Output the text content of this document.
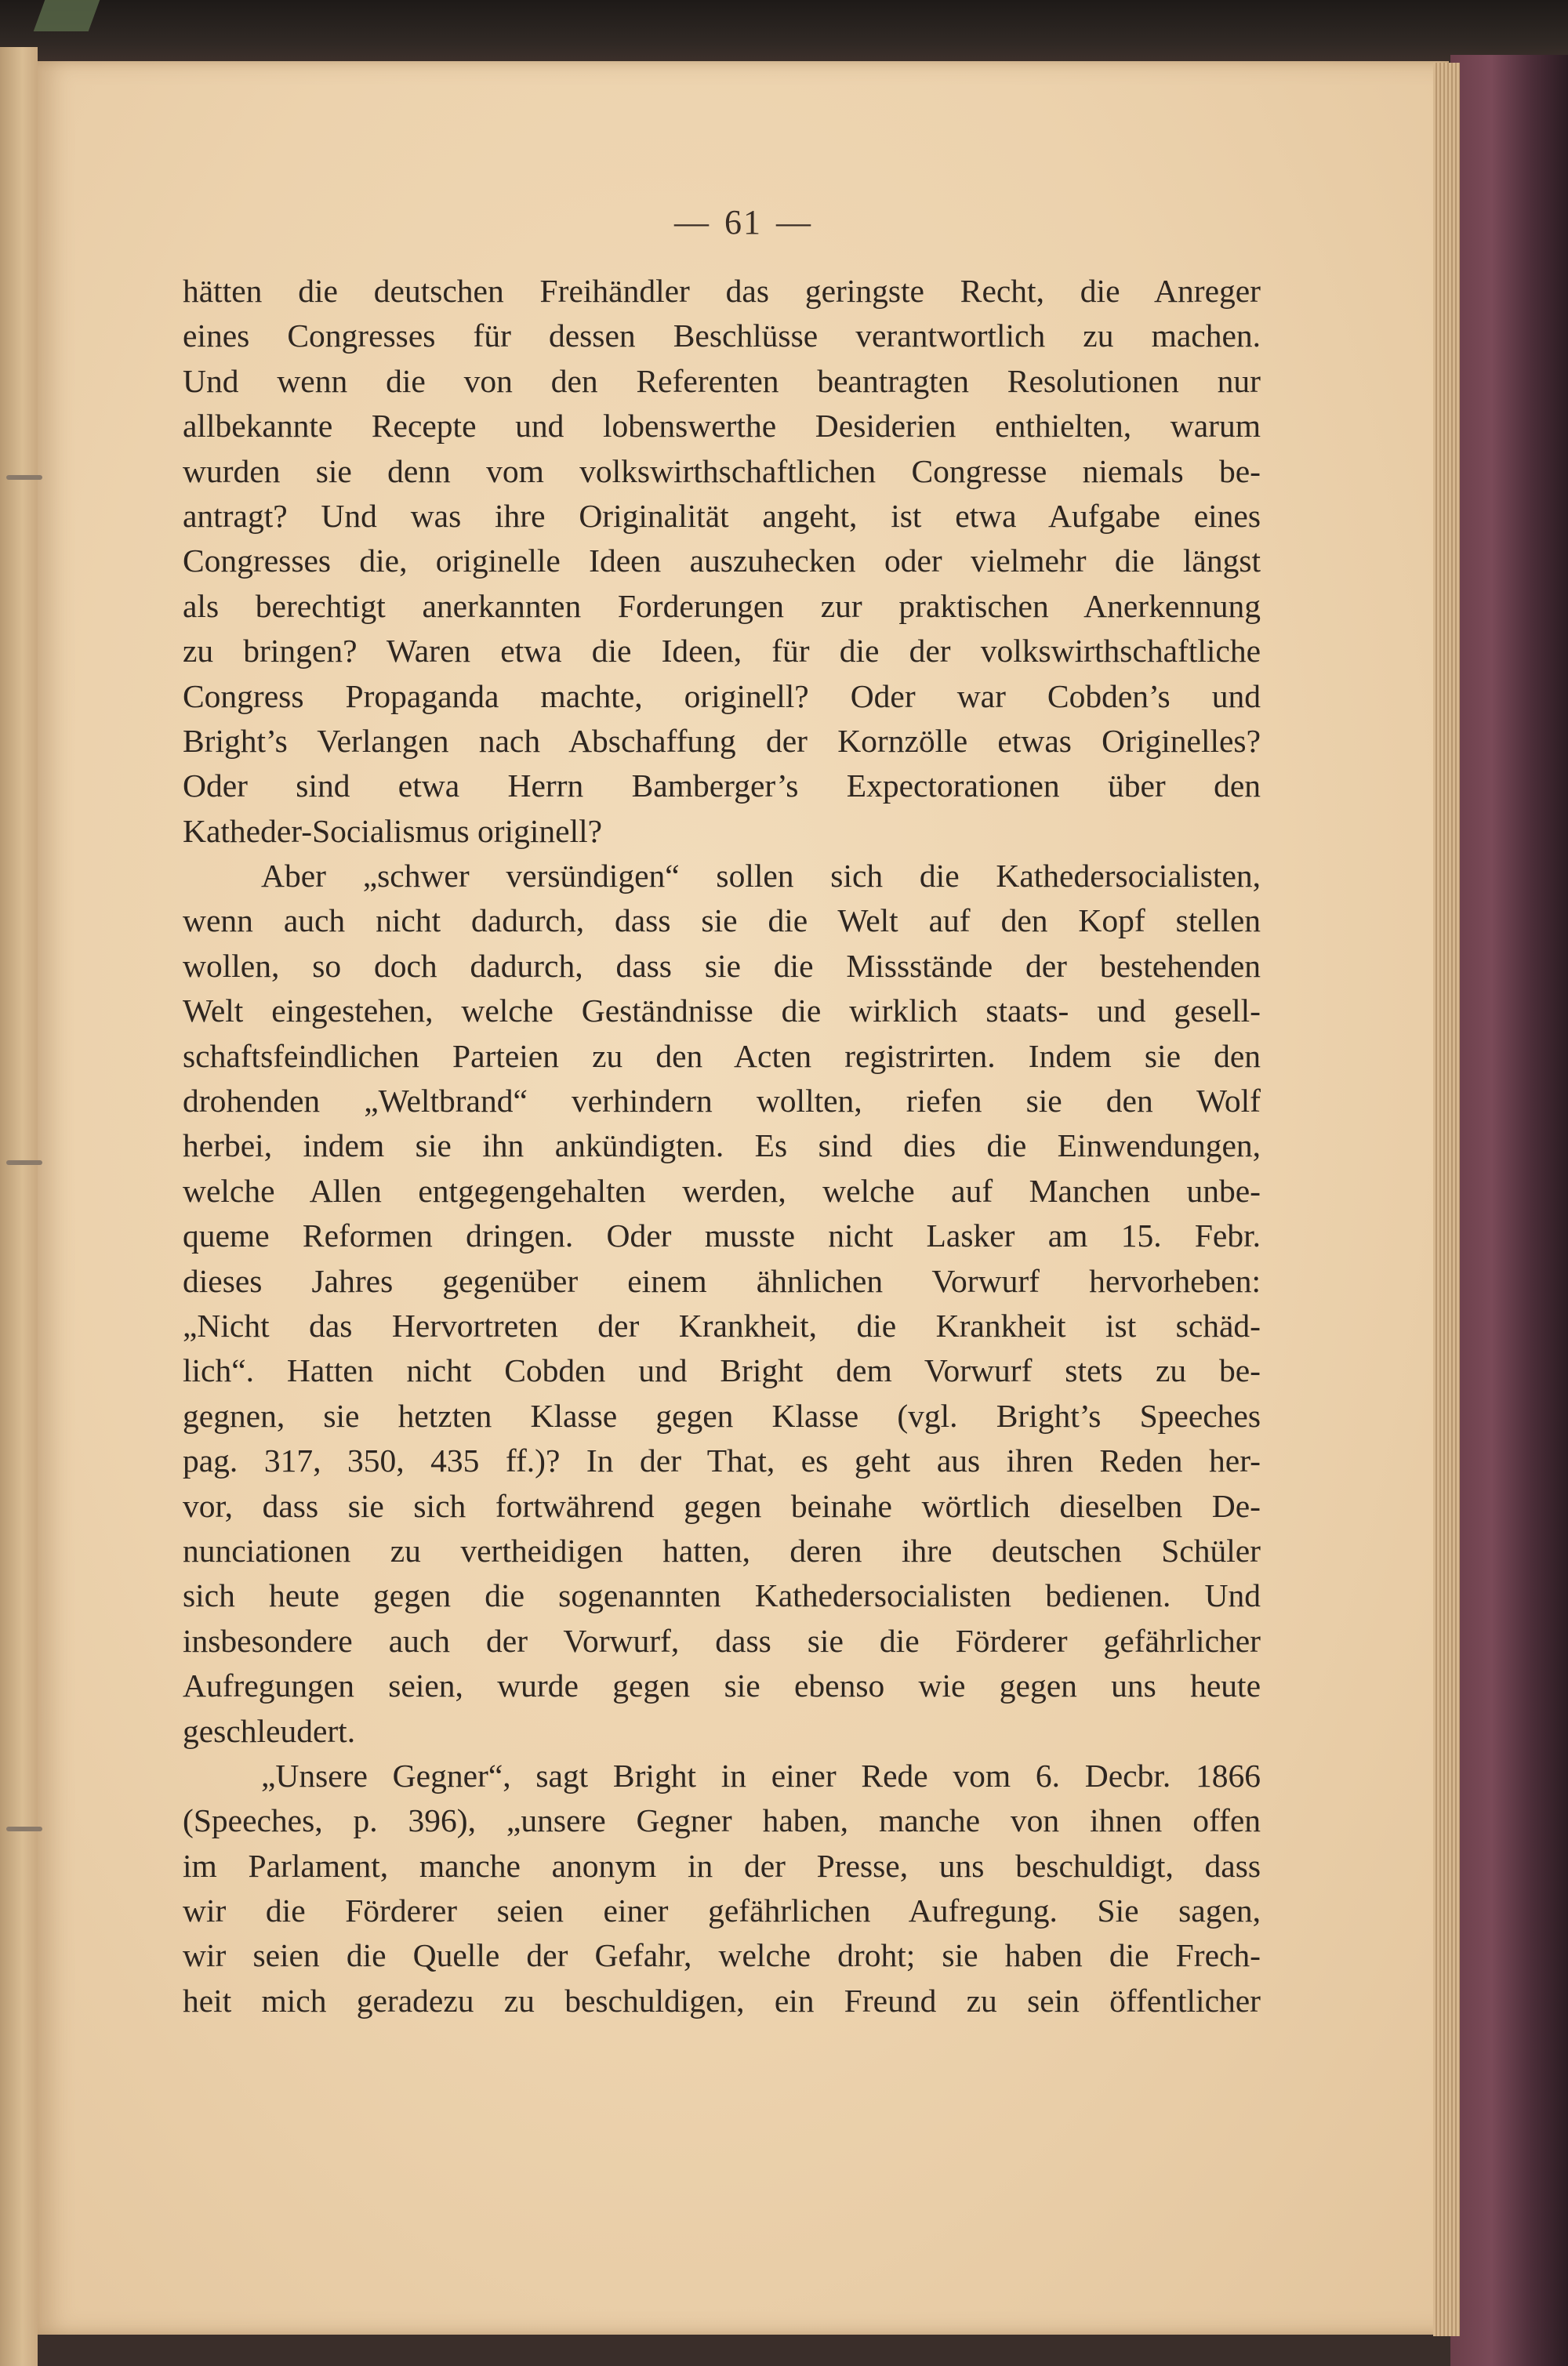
— 61 —
hätten die deutschen Freihändler das geringste Recht, die Anreger
eines Congresses für dessen Beschlüsse verantwortlich zu machen.
Und wenn die von den Referenten beantragten Resolutionen nur
allbekannte Recepte und lobenswerthe Desiderien enthielten, warum
wurden sie denn vom volkswirthschaftlichen Congresse niemals be-
antragt? Und was ihre Originalität angeht, ist etwa Aufgabe eines
Congresses die, originelle Ideen auszuhecken oder vielmehr die längst
als berechtigt anerkannten Forderungen zur praktischen Anerkennung
zu bringen? Waren etwa die Ideen, für die der volkswirthschaftliche
Congress Propaganda machte, originell? Oder war Cobden’s und
Bright’s Verlangen nach Abschaffung der Kornzölle etwas Originelles?
Oder sind etwa Herrn Bamberger’s Expectorationen über den
Katheder-Socialismus originell?
Aber „schwer versündigen“ sollen sich die Kathedersocialisten,
wenn auch nicht dadurch, dass sie die Welt auf den Kopf stellen
wollen, so doch dadurch, dass sie die Missstände der bestehenden
Welt eingestehen, welche Geständnisse die wirklich staats- und gesell-
schaftsfeindlichen Parteien zu den Acten registrirten. Indem sie den
drohenden „Weltbrand“ verhindern wollten, riefen sie den Wolf
herbei, indem sie ihn ankündigten. Es sind dies die Einwendungen,
welche Allen entgegengehalten werden, welche auf Manchen unbe-
queme Reformen dringen. Oder musste nicht Lasker am 15. Febr.
dieses Jahres gegenüber einem ähnlichen Vorwurf hervorheben:
„Nicht das Hervortreten der Krankheit, die Krankheit ist schäd-
lich“. Hatten nicht Cobden und Bright dem Vorwurf stets zu be-
gegnen, sie hetzten Klasse gegen Klasse (vgl. Bright’s Speeches
pag. 317, 350, 435 ff.)? In der That, es geht aus ihren Reden her-
vor, dass sie sich fortwährend gegen beinahe wörtlich dieselben De-
nunciationen zu vertheidigen hatten, deren ihre deutschen Schüler
sich heute gegen die sogenannten Kathedersocialisten bedienen. Und
insbesondere auch der Vorwurf, dass sie die Förderer gefährlicher
Aufregungen seien, wurde gegen sie ebenso wie gegen uns heute
geschleudert.
„Unsere Gegner“, sagt Bright in einer Rede vom 6. Decbr. 1866
(Speeches, p. 396), „unsere Gegner haben, manche von ihnen offen
im Parlament, manche anonym in der Presse, uns beschuldigt, dass
wir die Förderer seien einer gefährlichen Aufregung. Sie sagen,
wir seien die Quelle der Gefahr, welche droht; sie haben die Frech-
heit mich geradezu zu beschuldigen, ein Freund zu sein öffentlicher
